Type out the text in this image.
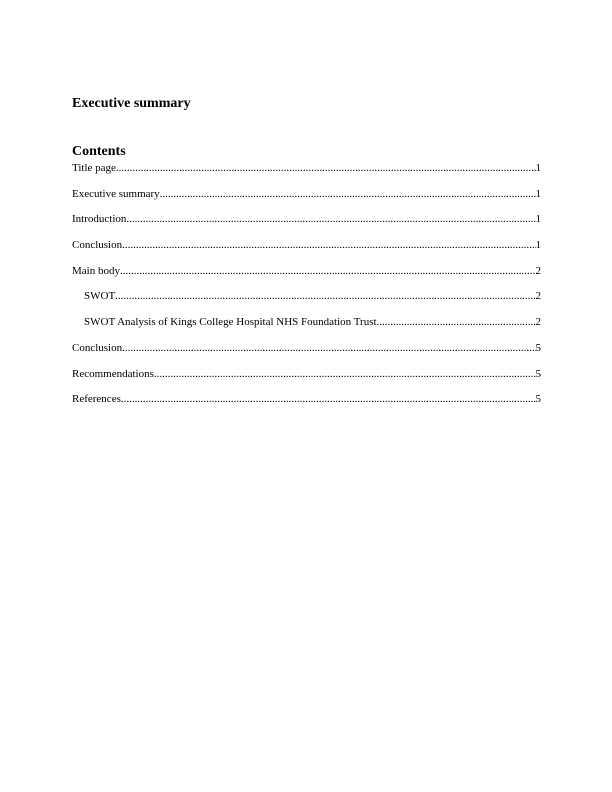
Executive summary
Contents
Title page .....	1
Executive summary .....	1
Introduction .....	1
Conclusion .....	1
Main body .....	2
SWOT .....	2
SWOT Analysis of Kings College Hospital NHS Foundation Trust .....	2
Conclusion .....	5
Recommendations .....	5
References .....	5
